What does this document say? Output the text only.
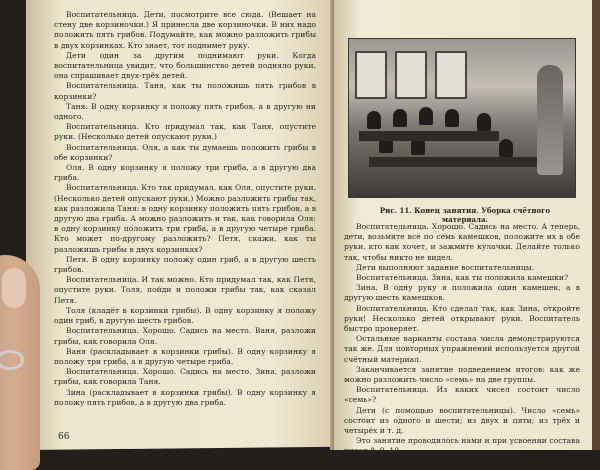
Воспитательница. Дети, посмотрите все сюда. (Вешает на стену две корзиночки.) Я принесла две корзиночки. В них надо положить пять грибов. Подумайте, как можно разложить грибы в двух корзинках. Кто знает, тот поднимет руку.

Дети один за другим поднимают руки. Когда воспитательница увидит, что большинство детей подняло руки, она спрашивает двух-трёх детей.

Воспитательница. Таня, как ты положишь пять грибов в корзинки?

Таня. В одну корзинку я положу пять грибов, а в другую ни одного.

Воспитательница. Кто придумал так, как Таня, опустите руки. (Несколько детей опускают руки.)

Воспитательница. Оля, а как ты думаешь положить грибы в обе корзинки?

Оля. В одну корзинку я положу три гриба, а в другую два гриба.

Воспитательница. Кто так придумал, как Оля, опустите руки. (Несколько детей опускают руки.) Можно разложить грибы так, как разложила Таня: в одну корзинку положить пять грибов, а в другую два гриба. А можно разложить и так, как говорила Оля: в одну корзинку положить три гриба, а в другую четыре гриба. Кто может по-другому разложить? Петя, скажи, как ты разложишь грибы в двух корзинках?

Петя. В одну корзинку положу один гриб, а в другую шесть грибов.

Воспитательница. И так можно. Кто придумал так, как Петя, опустите руки. Толя, пойди и положи грибы так, как сказал Петя.

Толя (кладёт в корзинки грибы). В одну корзинку я положу один гриб, в другую шесть грибов.

Воспитательница. Хорошо. Садись на место. Ваня, разложи грибы, как говорила Оля.

Ваня (раскладывает в корзинки грибы). В одну корзинку я положу три гриба, а в другую четыре гриба.

Воспитательница. Хорошо. Садись на место. Зина, разложи грибы, как говорила Таня.

Зина (раскладывает в корзинки грибы). В одну корзинку я положу пять грибов, а в другую два гриба.

66
Рис. 11. Конец занятия. Уборка счётного материала.

Воспитательница. Хорошо. Садись на место. А теперь, дети, возьмите все по семь камешков, положите их в обе руки, кто как хочет, и зажмите кулачки. Делайте только так, чтобы никто не видел.

Дети выполняют задание воспитательницы.

Воспитательница. Зина, как ты положила камешки?

Зина. В одну руку я положила один камешек, а в другую шесть камешков.

Воспитательница. Кто сделал так, как Зина, откройте руки! Несколько детей открывают руки. Воспитатель быстро проверяет.

Остальные варианты состава числа демонстрируются так же. Для повторных упражнений используется другой счётный материал.

Заканчивается занятие подведением итогов: как же можно разложить число «семь» на две группы.

Воспитательница. Из каких чисел состоит число «семь»?

Дети (с помощью воспитательницы). Число «семь» состоит из одного и шести; из двух и пяти; из трёх и четырёх и т. д.

Это занятие проводилось нами и при усвоении состава чисел 8, 9, 10.
